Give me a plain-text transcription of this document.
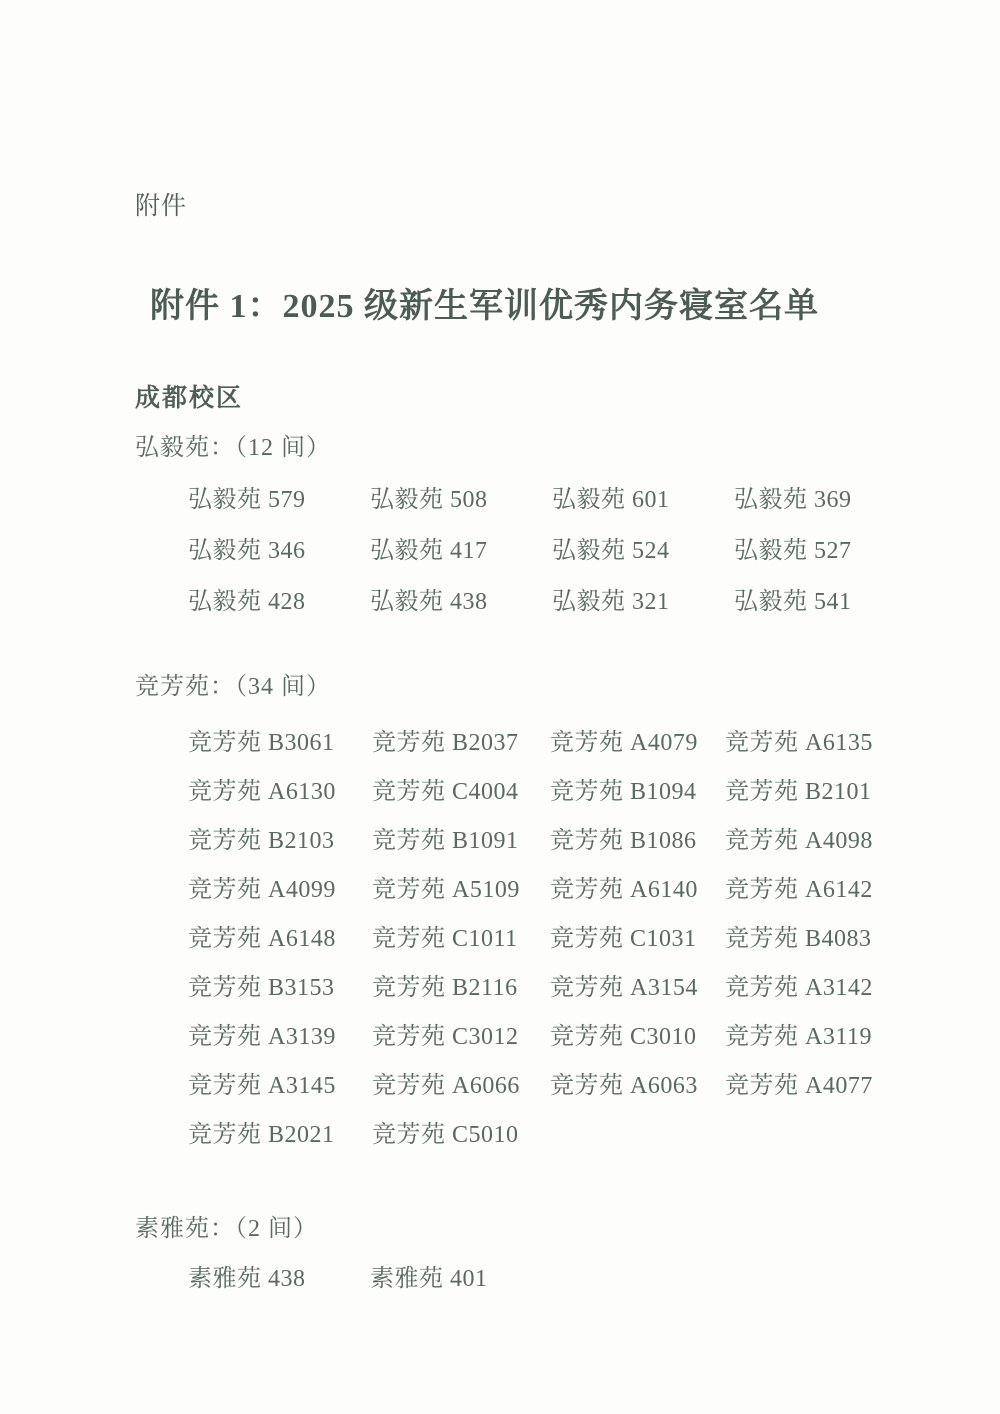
附件
附件 1：2025 级新生军训优秀内务寝室名单
成都校区
弘毅苑：（12 间）
弘毅苑 579	弘毅苑 508	弘毅苑 601	弘毅苑 369
弘毅苑 346	弘毅苑 417	弘毅苑 524	弘毅苑 527
弘毅苑 428	弘毅苑 438	弘毅苑 321	弘毅苑 541
竞芳苑：（34 间）
竞芳苑 B3061	竞芳苑 B2037	竞芳苑 A4079	竞芳苑 A6135
竞芳苑 A6130	竞芳苑 C4004	竞芳苑 B1094	竞芳苑 B2101
竞芳苑 B2103	竞芳苑 B1091	竞芳苑 B1086	竞芳苑 A4098
竞芳苑 A4099	竞芳苑 A5109	竞芳苑 A6140	竞芳苑 A6142
竞芳苑 A6148	竞芳苑 C1011	竞芳苑 C1031	竞芳苑 B4083
竞芳苑 B3153	竞芳苑 B2116	竞芳苑 A3154	竞芳苑 A3142
竞芳苑 A3139	竞芳苑 C3012	竞芳苑 C3010	竞芳苑 A3119
竞芳苑 A3145	竞芳苑 A6066	竞芳苑 A6063	竞芳苑 A4077
竞芳苑 B2021	竞芳苑 C5010
素雅苑：（2 间）
素雅苑 438	素雅苑 401
